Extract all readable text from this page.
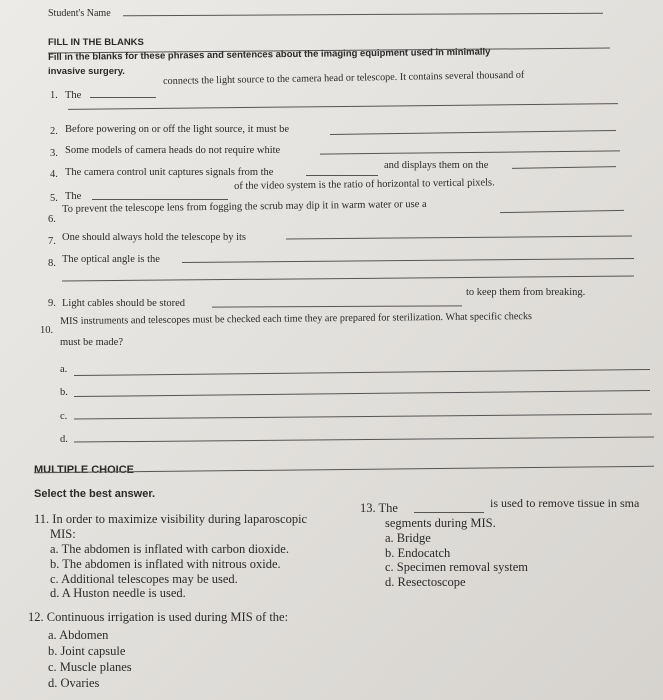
Student's Name
FILL IN THE BLANKS
Fill in the blanks for these phrases and sentences about the imaging equipment used in minimally
invasive surgery.
1. The
connects the light source to the camera head or telescope. It contains several thousand of
2. Before powering on or off the light source, it must be
3. Some models of camera heads do not require white
4. The camera control unit captures signals from the
and displays them on the
5. The
of the video system is the ratio of horizontal to vertical pixels.
6.
To prevent the telescope lens from fogging the scrub may dip it in warm water or use a
7. One should always hold the telescope by its
8. The optical angle is the
9. Light cables should be stored
to keep them from breaking.
10.
MIS instruments and telescopes must be checked each time they are prepared for sterilization. What specific checks
must be made?
a.
b.
c.
d.
MULTIPLE CHOICE
Select the best answer.
11. In order to maximize visibility during laparoscopic
MIS:
a. The abdomen is inflated with carbon dioxide.
b. The abdomen is inflated with nitrous oxide.
c. Additional telescopes may be used.
d. A Huston needle is used.
12. Continuous irrigation is used during MIS of the:
a. Abdomen
b. Joint capsule
c. Muscle planes
d. Ovaries
13. The	is used to remove tissue in sma
segments during MIS.
a. Bridge
b. Endocatch
c. Specimen removal system
d. Resectoscope
